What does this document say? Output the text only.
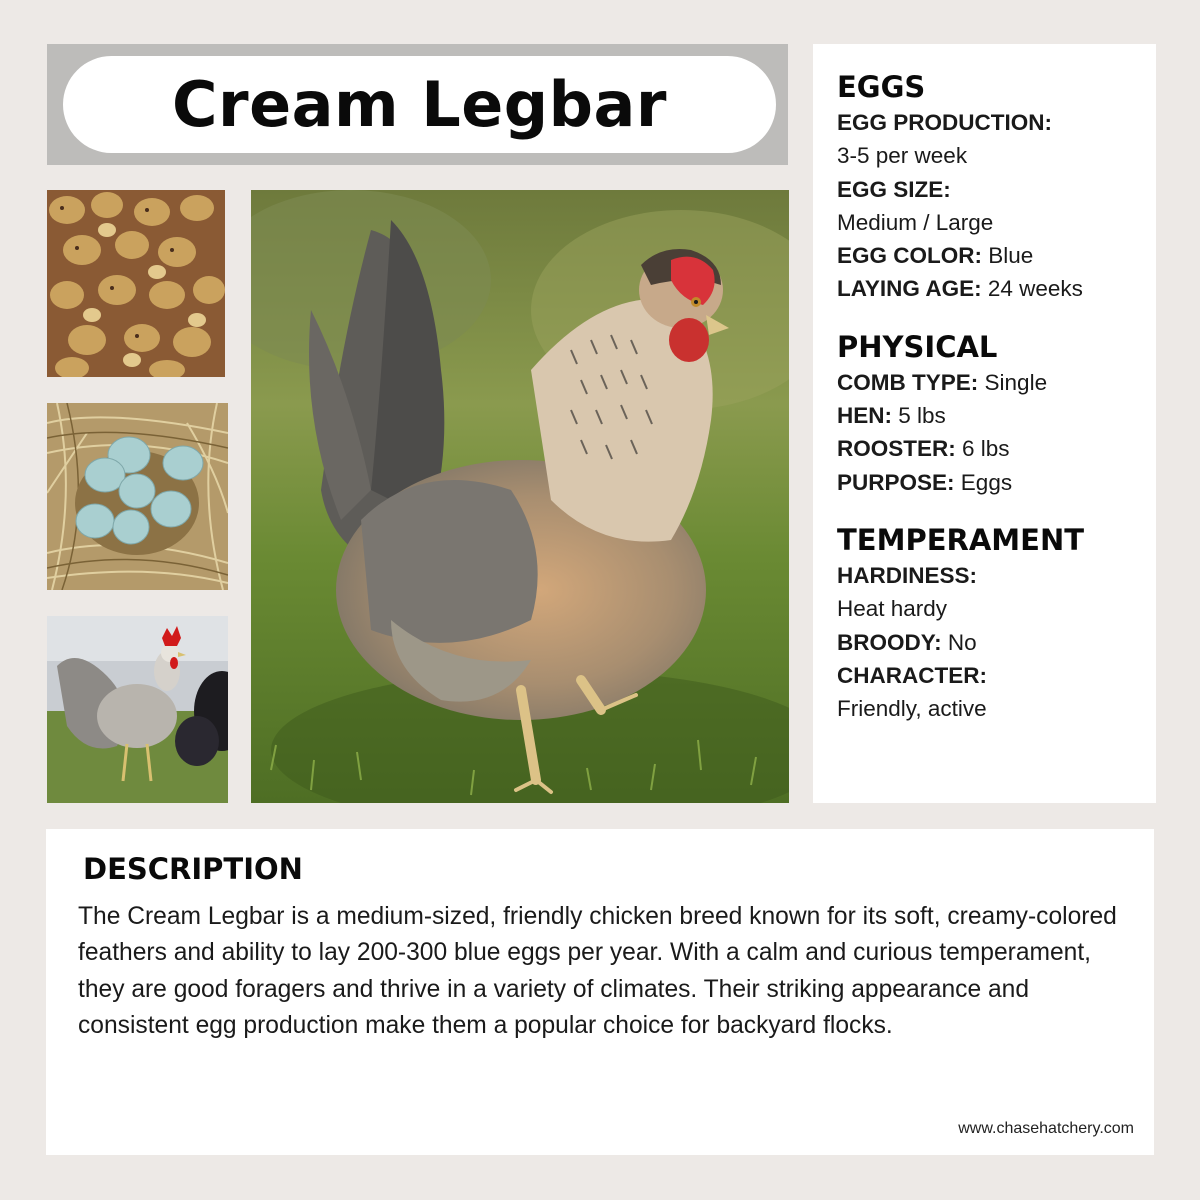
Cream Legbar	EGGS
EGG PRODUCTION:
3-5 per week
EGG SIZE:
Medium / Large
EGG COLOR: Blue
LAYING AGE: 24 weeks
PHYSICAL
COMB TYPE: Single
HEN: 5 lbs
ROOSTER: 6 lbs
PURPOSE: Eggs
TEMPERAMENT
HARDINESS:
Heat hardy
BROODY: No
CHARACTER:
Friendly, active
DESCRIPTION

The Cream Legbar is a medium-sized, friendly chicken breed known for its soft, creamy-colored feathers and ability to lay 200-300 blue eggs per year. With a calm and curious temperament, they are good foragers and thrive in a variety of climates. Their striking appearance and consistent egg production make them a popular choice for backyard flocks.

www.chasehatchery.com
